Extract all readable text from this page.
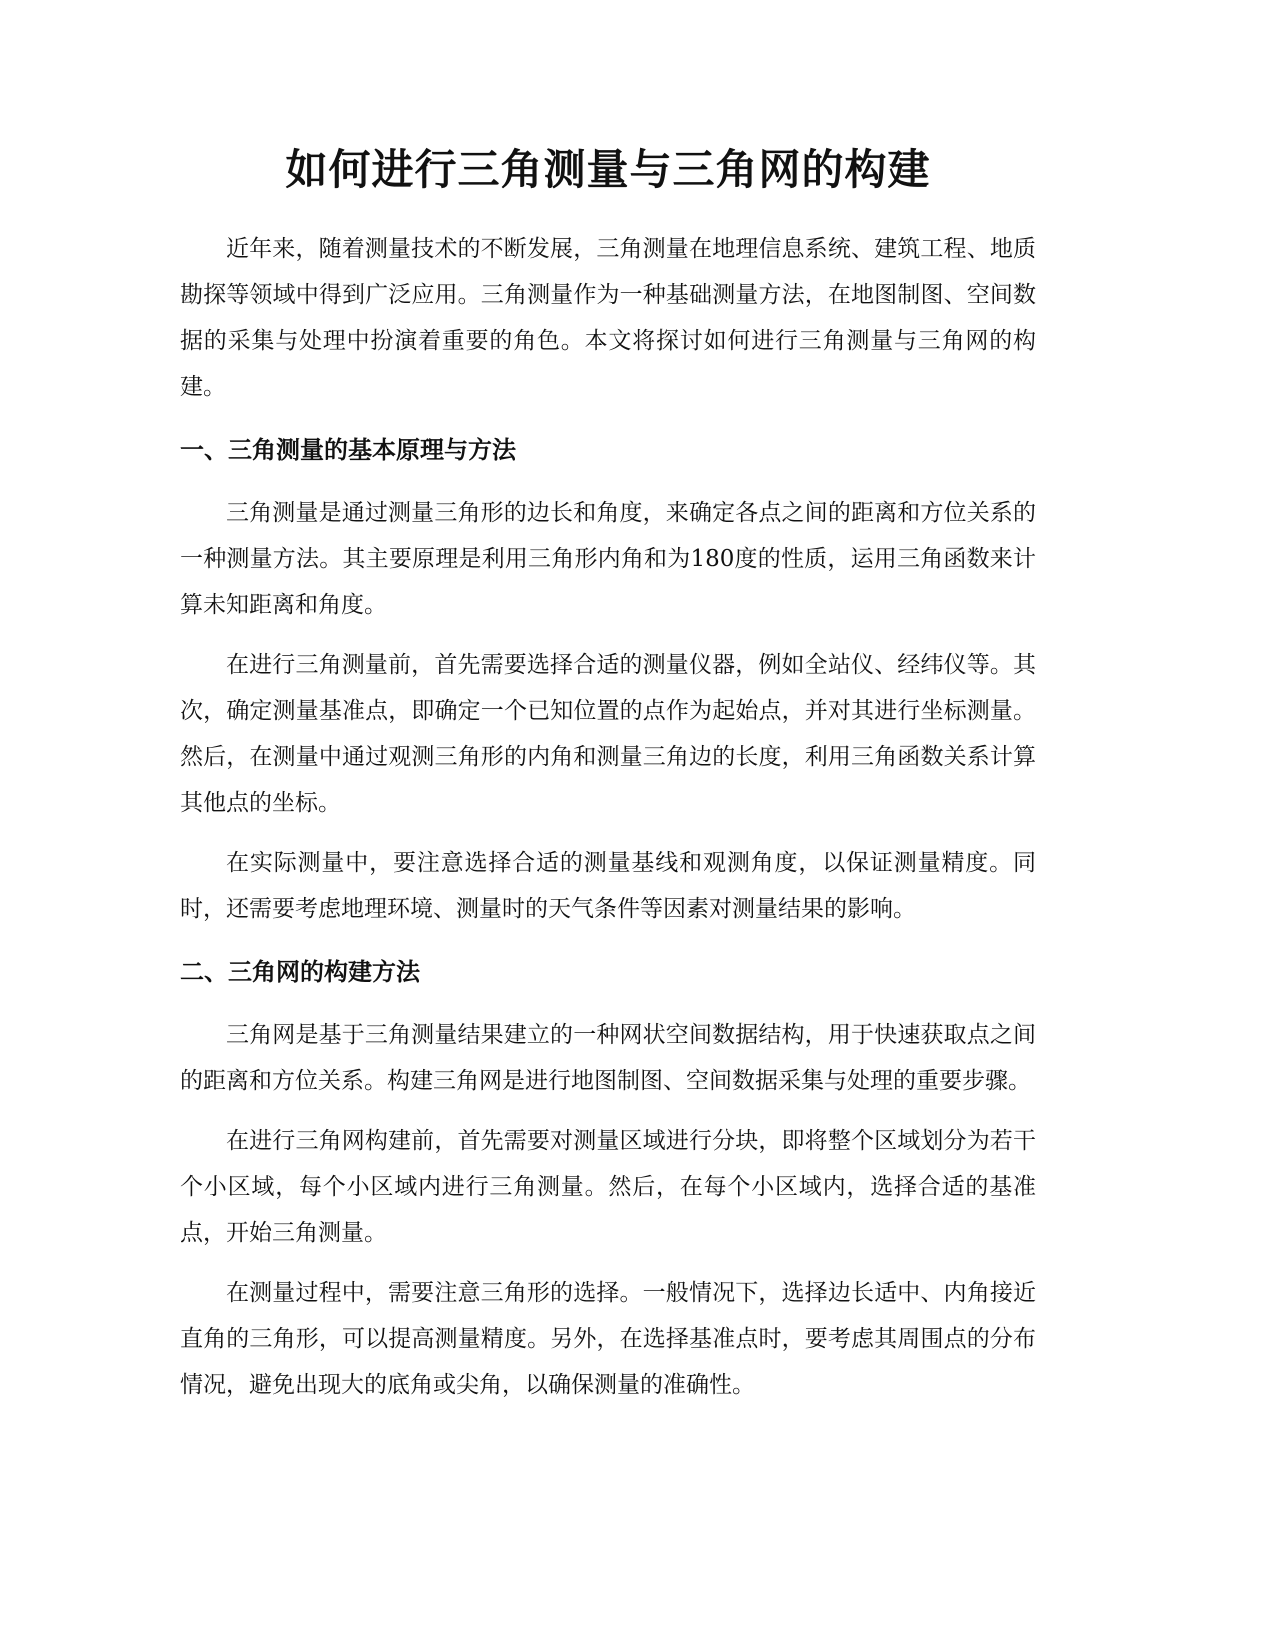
如何进行三角测量与三角网的构建

近年来，随着测量技术的不断发展，三角测量在地理信息系统、建筑工程、地质勘探等领域中得到广泛应用。三角测量作为一种基础测量方法，在地图制图、空间数据的采集与处理中扮演着重要的角色。本文将探讨如何进行三角测量与三角网的构建。

一、三角测量的基本原理与方法

三角测量是通过测量三角形的边长和角度，来确定各点之间的距离和方位关系的一种测量方法。其主要原理是利用三角形内角和为180度的性质，运用三角函数来计算未知距离和角度。

在进行三角测量前，首先需要选择合适的测量仪器，例如全站仪、经纬仪等。其次，确定测量基准点，即确定一个已知位置的点作为起始点，并对其进行坐标测量。然后，在测量中通过观测三角形的内角和测量三角边的长度，利用三角函数关系计算其他点的坐标。

在实际测量中，要注意选择合适的测量基线和观测角度，以保证测量精度。同时，还需要考虑地理环境、测量时的天气条件等因素对测量结果的影响。

二、三角网的构建方法

三角网是基于三角测量结果建立的一种网状空间数据结构，用于快速获取点之间的距离和方位关系。构建三角网是进行地图制图、空间数据采集与处理的重要步骤。

在进行三角网构建前，首先需要对测量区域进行分块，即将整个区域划分为若干个小区域，每个小区域内进行三角测量。然后，在每个小区域内，选择合适的基准点，开始三角测量。

在测量过程中，需要注意三角形的选择。一般情况下，选择边长适中、内角接近直角的三角形，可以提高测量精度。另外，在选择基准点时，要考虑其周围点的分布情况，避免出现大的底角或尖角，以确保测量的准确性。
